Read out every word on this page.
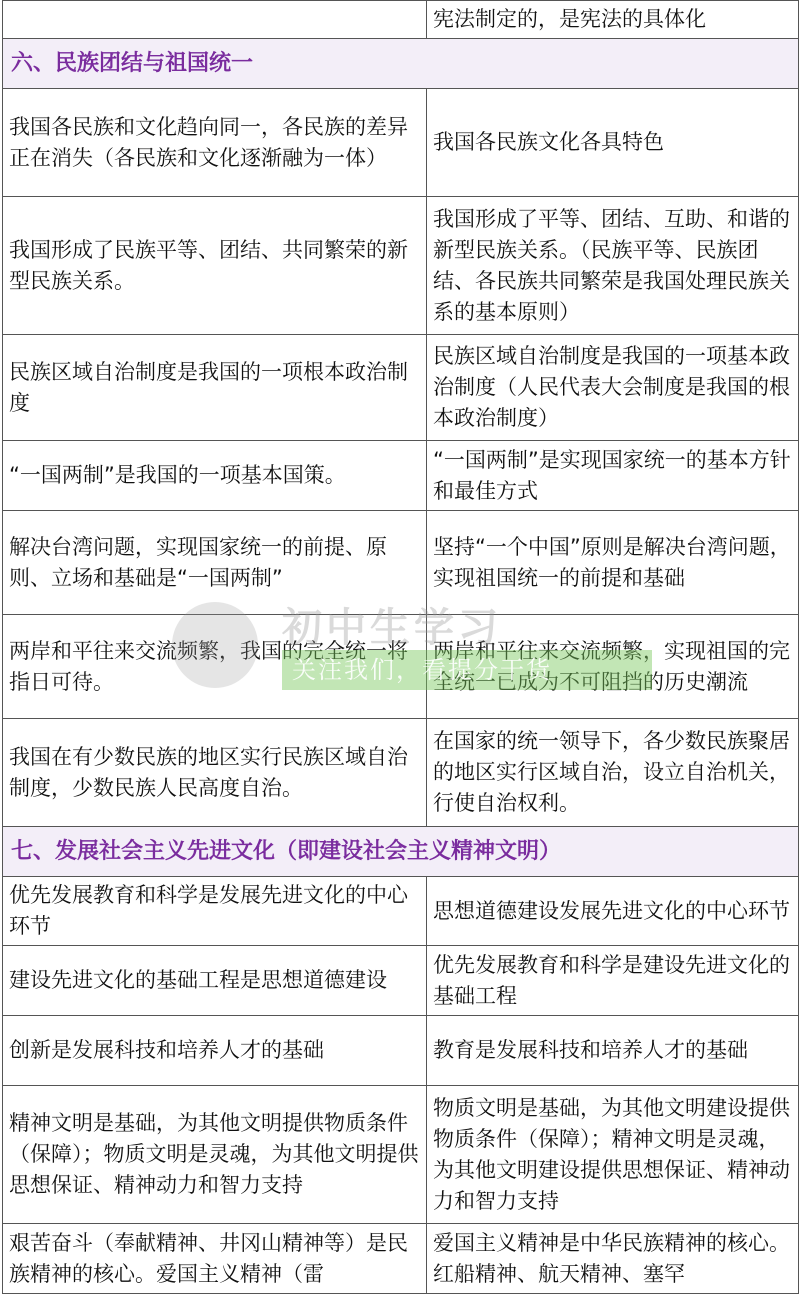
	宪法制定的，是宪法的具体化
六、民族团结与祖国统一	
我国各民族和文化趋向同一，各民族的差异正在消失（各民族和文化逐渐融为一体）	我国各民族文化各具特色
我国形成了民族平等、团结、共同繁荣的新型民族关系。	我国形成了平等、团结、互助、和谐的新型民族关系。（民族平等、民族团结、各民族共同繁荣是我国处理民族关系的基本原则）
民族区域自治制度是我国的一项根本政治制度	民族区域自治制度是我国的一项基本政治制度（人民代表大会制度是我国的根本政治制度）
“一国两制”是我国的一项基本国策。	“一国两制”是实现国家统一的基本方针和最佳方式
解决台湾问题，实现国家统一的前提、原则、立场和基础是“一国两制”	坚持“一个中国”原则是解决台湾问题，实现祖国统一的前提和基础
两岸和平往来交流频繁，我国的完全统一将指日可待。	两岸和平往来交流频繁，实现祖国的完全统一已成为不可阻挡的历史潮流
我国在有少数民族的地区实行民族区域自治制度，少数民族人民高度自治。	在国家的统一领导下，各少数民族聚居的地区实行区域自治，设立自治机关，行使自治权利。
七、发展社会主义先进文化（即建设社会主义精神文明）	
优先发展教育和科学是发展先进文化的中心环节	思想道德建设发展先进文化的中心环节
建设先进文化的基础工程是思想道德建设	优先发展教育和科学是建设先进文化的基础工程
创新是发展科技和培养人才的基础	教育是发展科技和培养人才的基础
精神文明是基础，为其他文明提供物质条件（保障）；物质文明是灵魂，为其他文明提供思想保证、精神动力和智力支持	物质文明是基础，为其他文明建设提供物质条件（保障）；精神文明是灵魂，为其他文明建设提供思想保证、精神动力和智力支持
艰苦奋斗（奉献精神、井冈山精神等）是民族精神的核心。爱国主义精神（雷	爱国主义精神是中华民族精神的核心。红船精神、航天精神、塞罕
初中生学习
关注我们，看提分干货
